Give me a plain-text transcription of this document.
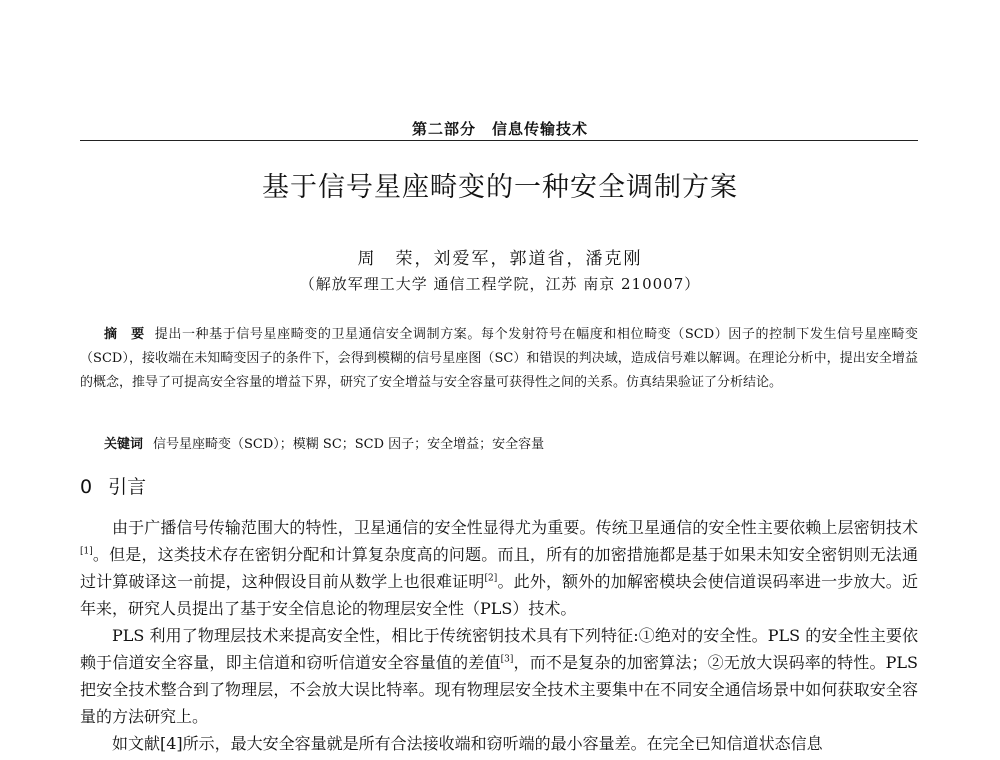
第二部分 信息传输技术
基于信号星座畸变的一种安全调制方案
周　荣，刘爱军，郭道省，潘克刚
（解放军理工大学 通信工程学院，江苏 南京 210007）
摘　要 提出一种基于信号星座畸变的卫星通信安全调制方案。每个发射符号在幅度和相位畸变（SCD）因子的控制下发生信号星座畸变（SCD），接收端在未知畸变因子的条件下，会得到模糊的信号星座图（SC）和错误的判决域，造成信号难以解调。在理论分析中，提出安全增益的概念，推导了可提高安全容量的增益下界，研究了安全增益与安全容量可获得性之间的关系。仿真结果验证了分析结论。
关键词 信号星座畸变（SCD）；模糊 SC；SCD 因子；安全增益；安全容量
0 引言

由于广播信号传输范围大的特性，卫星通信的安全性显得尤为重要。传统卫星通信的安全性主要依赖上层密钥技术[1]。但是，这类技术存在密钥分配和计算复杂度高的问题。而且，所有的加密措施都是基于如果未知安全密钥则无法通过计算破译这一前提，这种假设目前从数学上也很难证明[2]。此外，额外的加解密模块会使信道误码率进一步放大。近年来，研究人员提出了基于安全信息论的物理层安全性（PLS）技术。

PLS 利用了物理层技术来提高安全性，相比于传统密钥技术具有下列特征:①绝对的安全性。PLS 的安全性主要依赖于信道安全容量，即主信道和窃听信道安全容量值的差值[3]，而不是复杂的加密算法；②无放大误码率的特性。PLS 把安全技术整合到了物理层，不会放大误比特率。现有物理层安全技术主要集中在不同安全通信场景中如何获取安全容量的方法研究上。

如文献[4]所示，最大安全容量就是所有合法接收端和窃听端的最小容量差。在完全已知信道状态信息
